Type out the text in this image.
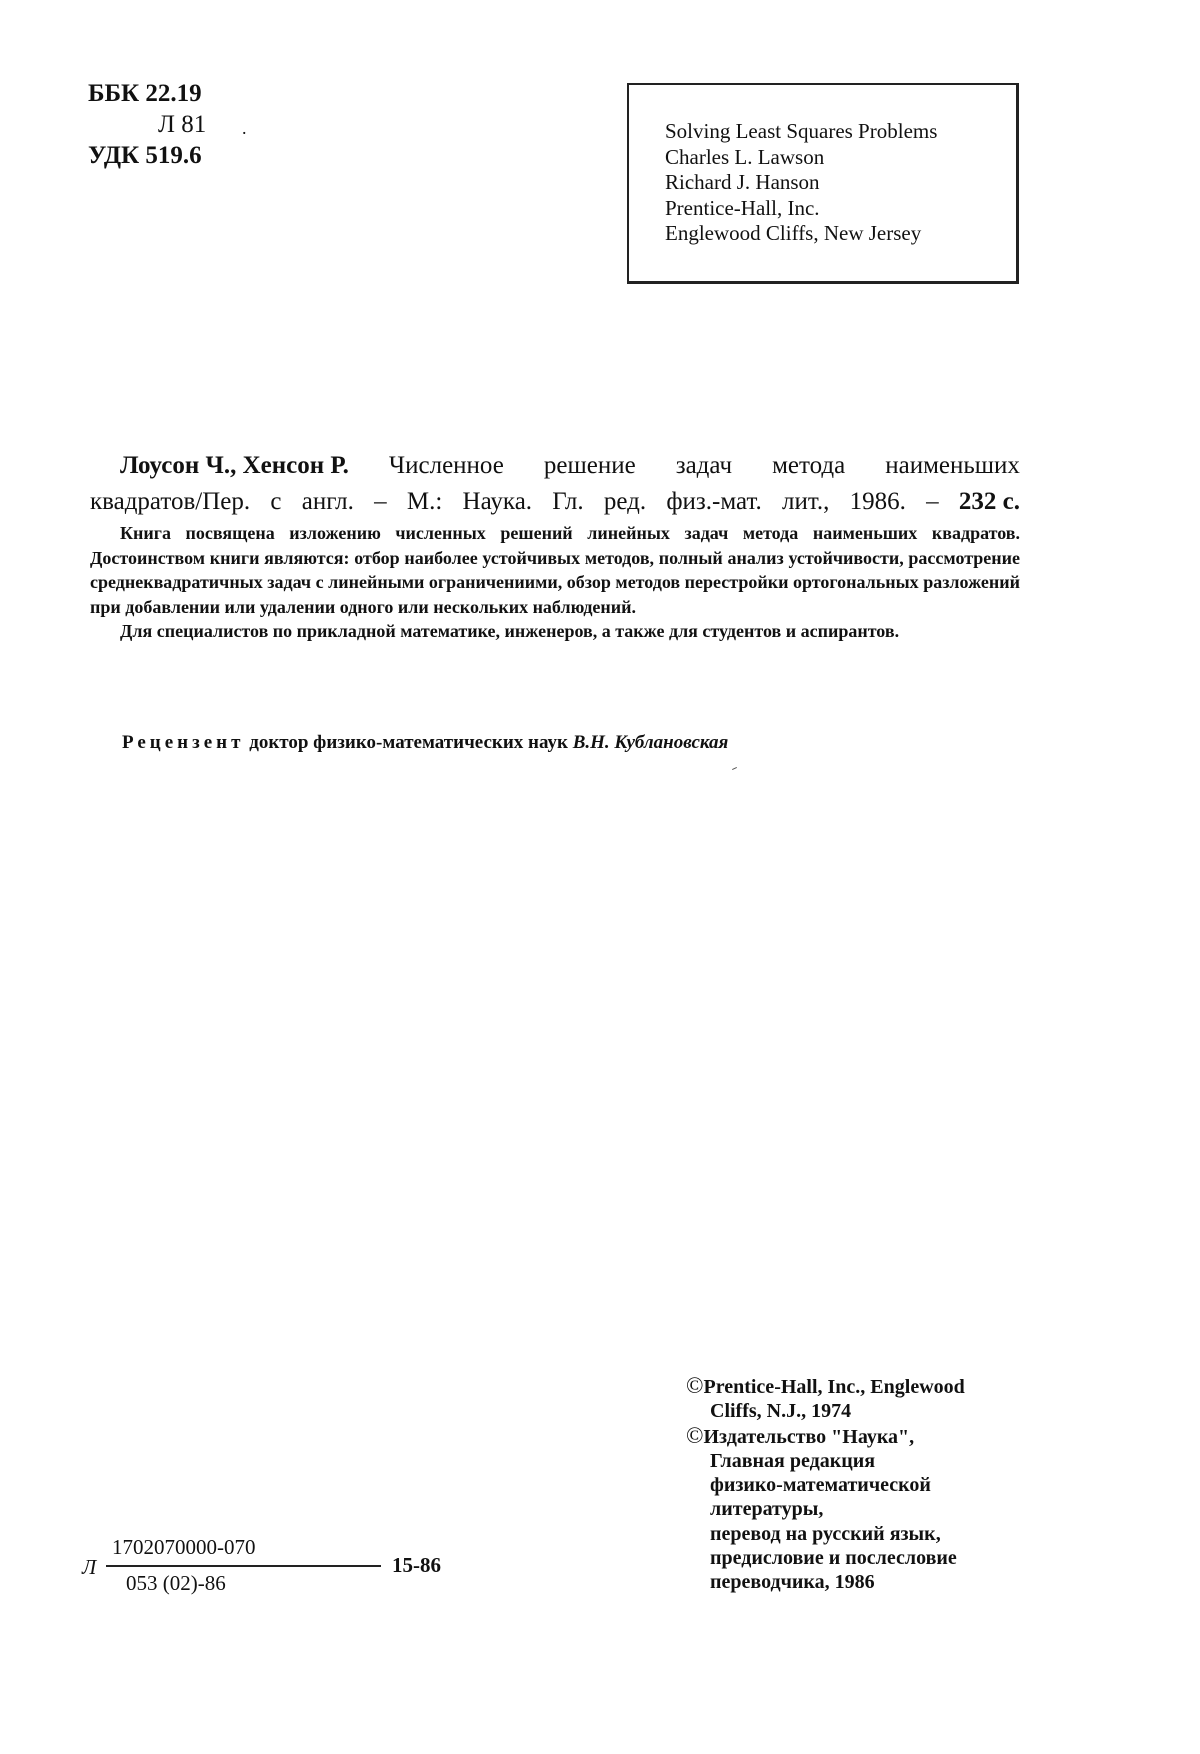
ББК 22.19
Л 81
УДК 519.6
.	Solving Least Squares Problems
Charles L. Lawson
Richard J. Hanson
Prentice-Hall, Inc.
Englewood Cliffs, New Jersey
Лоусон Ч., Хенсон Р. Численное решение задач метода наименьших
квадратов/Пер. с англ. – М.: Наука. Гл. ред. физ.-мат. лит., 1986. – 232 с.

Книга посвящена изложению численных решений линейных задач метода наименьших квадратов. Достоинством книги являются: отбор наиболее устойчивых методов, полный анализ устойчивости, рассмотрение среднеквадратичных задач с линейными ограничениими, обзор методов перестройки ортогональных разложений при добавлении или удалении одного или нескольких наблюдений.

Для специалистов по прикладной математике, инженеров, а также для студентов и аспирантов.

Рецензент доктор физико-математических наук В.Н. Кублановская
©Prentice-Hall, Inc., Englewood
Cliffs, N.J., 1974
©Издательство "Наука",
Главная редакция
физико-математической
литературы,
перевод на русский язык,
предисловие и послесловие
переводчика, 1986
Л
1702070000-070
053 (02)-86
15-86
